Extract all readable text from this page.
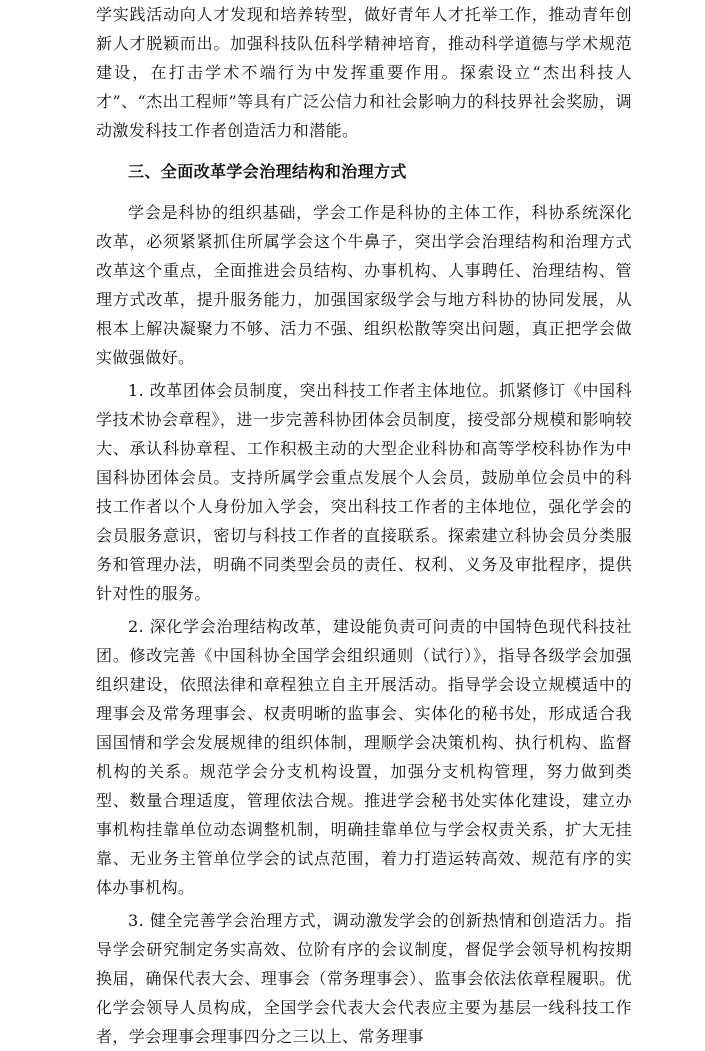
学实践活动向人才发现和培养转型，做好青年人才托举工作，推动青年创新人才脱颖而出。加强科技队伍科学精神培育，推动科学道德与学术规范建设，在打击学术不端行为中发挥重要作用。探索设立“杰出科技人才”、“杰出工程师”等具有广泛公信力和社会影响力的科技界社会奖励，调动激发科技工作者创造活力和潜能。

三、全面改革学会治理结构和治理方式

学会是科协的组织基础，学会工作是科协的主体工作，科协系统深化改革，必须紧紧抓住所属学会这个牛鼻子，突出学会治理结构和治理方式改革这个重点，全面推进会员结构、办事机构、人事聘任、治理结构、管理方式改革，提升服务能力，加强国家级学会与地方科协的协同发展，从根本上解决凝聚力不够、活力不强、组织松散等突出问题，真正把学会做实做强做好。

1. 改革团体会员制度，突出科技工作者主体地位。抓紧修订《中国科学技术协会章程》，进一步完善科协团体会员制度，接受部分规模和影响较大、承认科协章程、工作积极主动的大型企业科协和高等学校科协作为中国科协团体会员。支持所属学会重点发展个人会员，鼓励单位会员中的科技工作者以个人身份加入学会，突出科技工作者的主体地位，强化学会的会员服务意识，密切与科技工作者的直接联系。探索建立科协会员分类服务和管理办法，明确不同类型会员的责任、权利、义务及审批程序，提供针对性的服务。

2. 深化学会治理结构改革，建设能负责可问责的中国特色现代科技社团。修改完善《中国科协全国学会组织通则（试行）》，指导各级学会加强组织建设，依照法律和章程独立自主开展活动。指导学会设立规模适中的理事会及常务理事会、权责明晰的监事会、实体化的秘书处，形成适合我国国情和学会发展规律的组织体制，理顺学会决策机构、执行机构、监督机构的关系。规范学会分支机构设置，加强分支机构管理，努力做到类型、数量合理适度，管理依法合规。推进学会秘书处实体化建设，建立办事机构挂靠单位动态调整机制，明确挂靠单位与学会权责关系，扩大无挂靠、无业务主管单位学会的试点范围，着力打造运转高效、规范有序的实体办事机构。

3. 健全完善学会治理方式，调动激发学会的创新热情和创造活力。指导学会研究制定务实高效、位阶有序的会议制度，督促学会领导机构按期换届，确保代表大会、理事会（常务理事会）、监事会依法依章程履职。优化学会领导人员构成，全国学会代表大会代表应主要为基层一线科技工作者，学会理事会理事四分之三以上、常务理事
